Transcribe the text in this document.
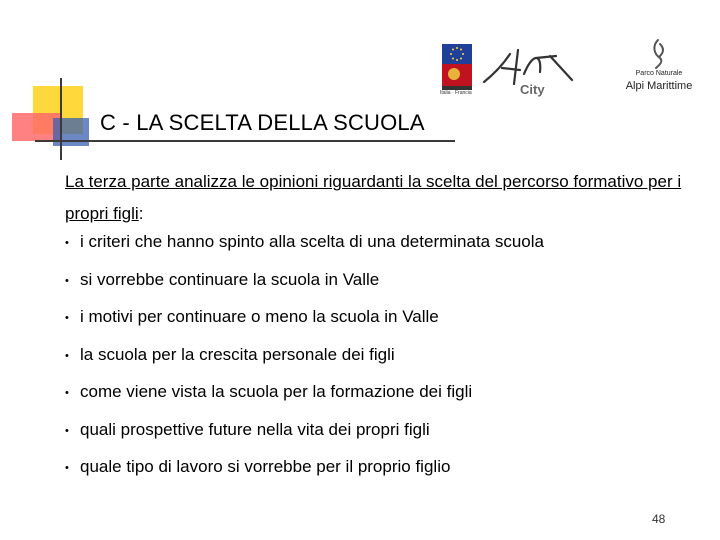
C - LA SCELTA DELLA SCUOLA
Italia · Francia	City
Parco Naturale
Alpi Marittime
La terza parte analizza le opinioni riguardanti la scelta del percorso formativo per i propri figli:
• i criteri che hanno spinto alla scelta di una determinata scuola
• si vorrebbe continuare la scuola in Valle
• i motivi per continuare o meno la scuola in Valle
• la scuola per la crescita personale dei figli
• come viene vista la scuola per la formazione dei figli
• quali prospettive future nella vita dei propri figli
• quale tipo di lavoro si vorrebbe per il proprio figlio
48
